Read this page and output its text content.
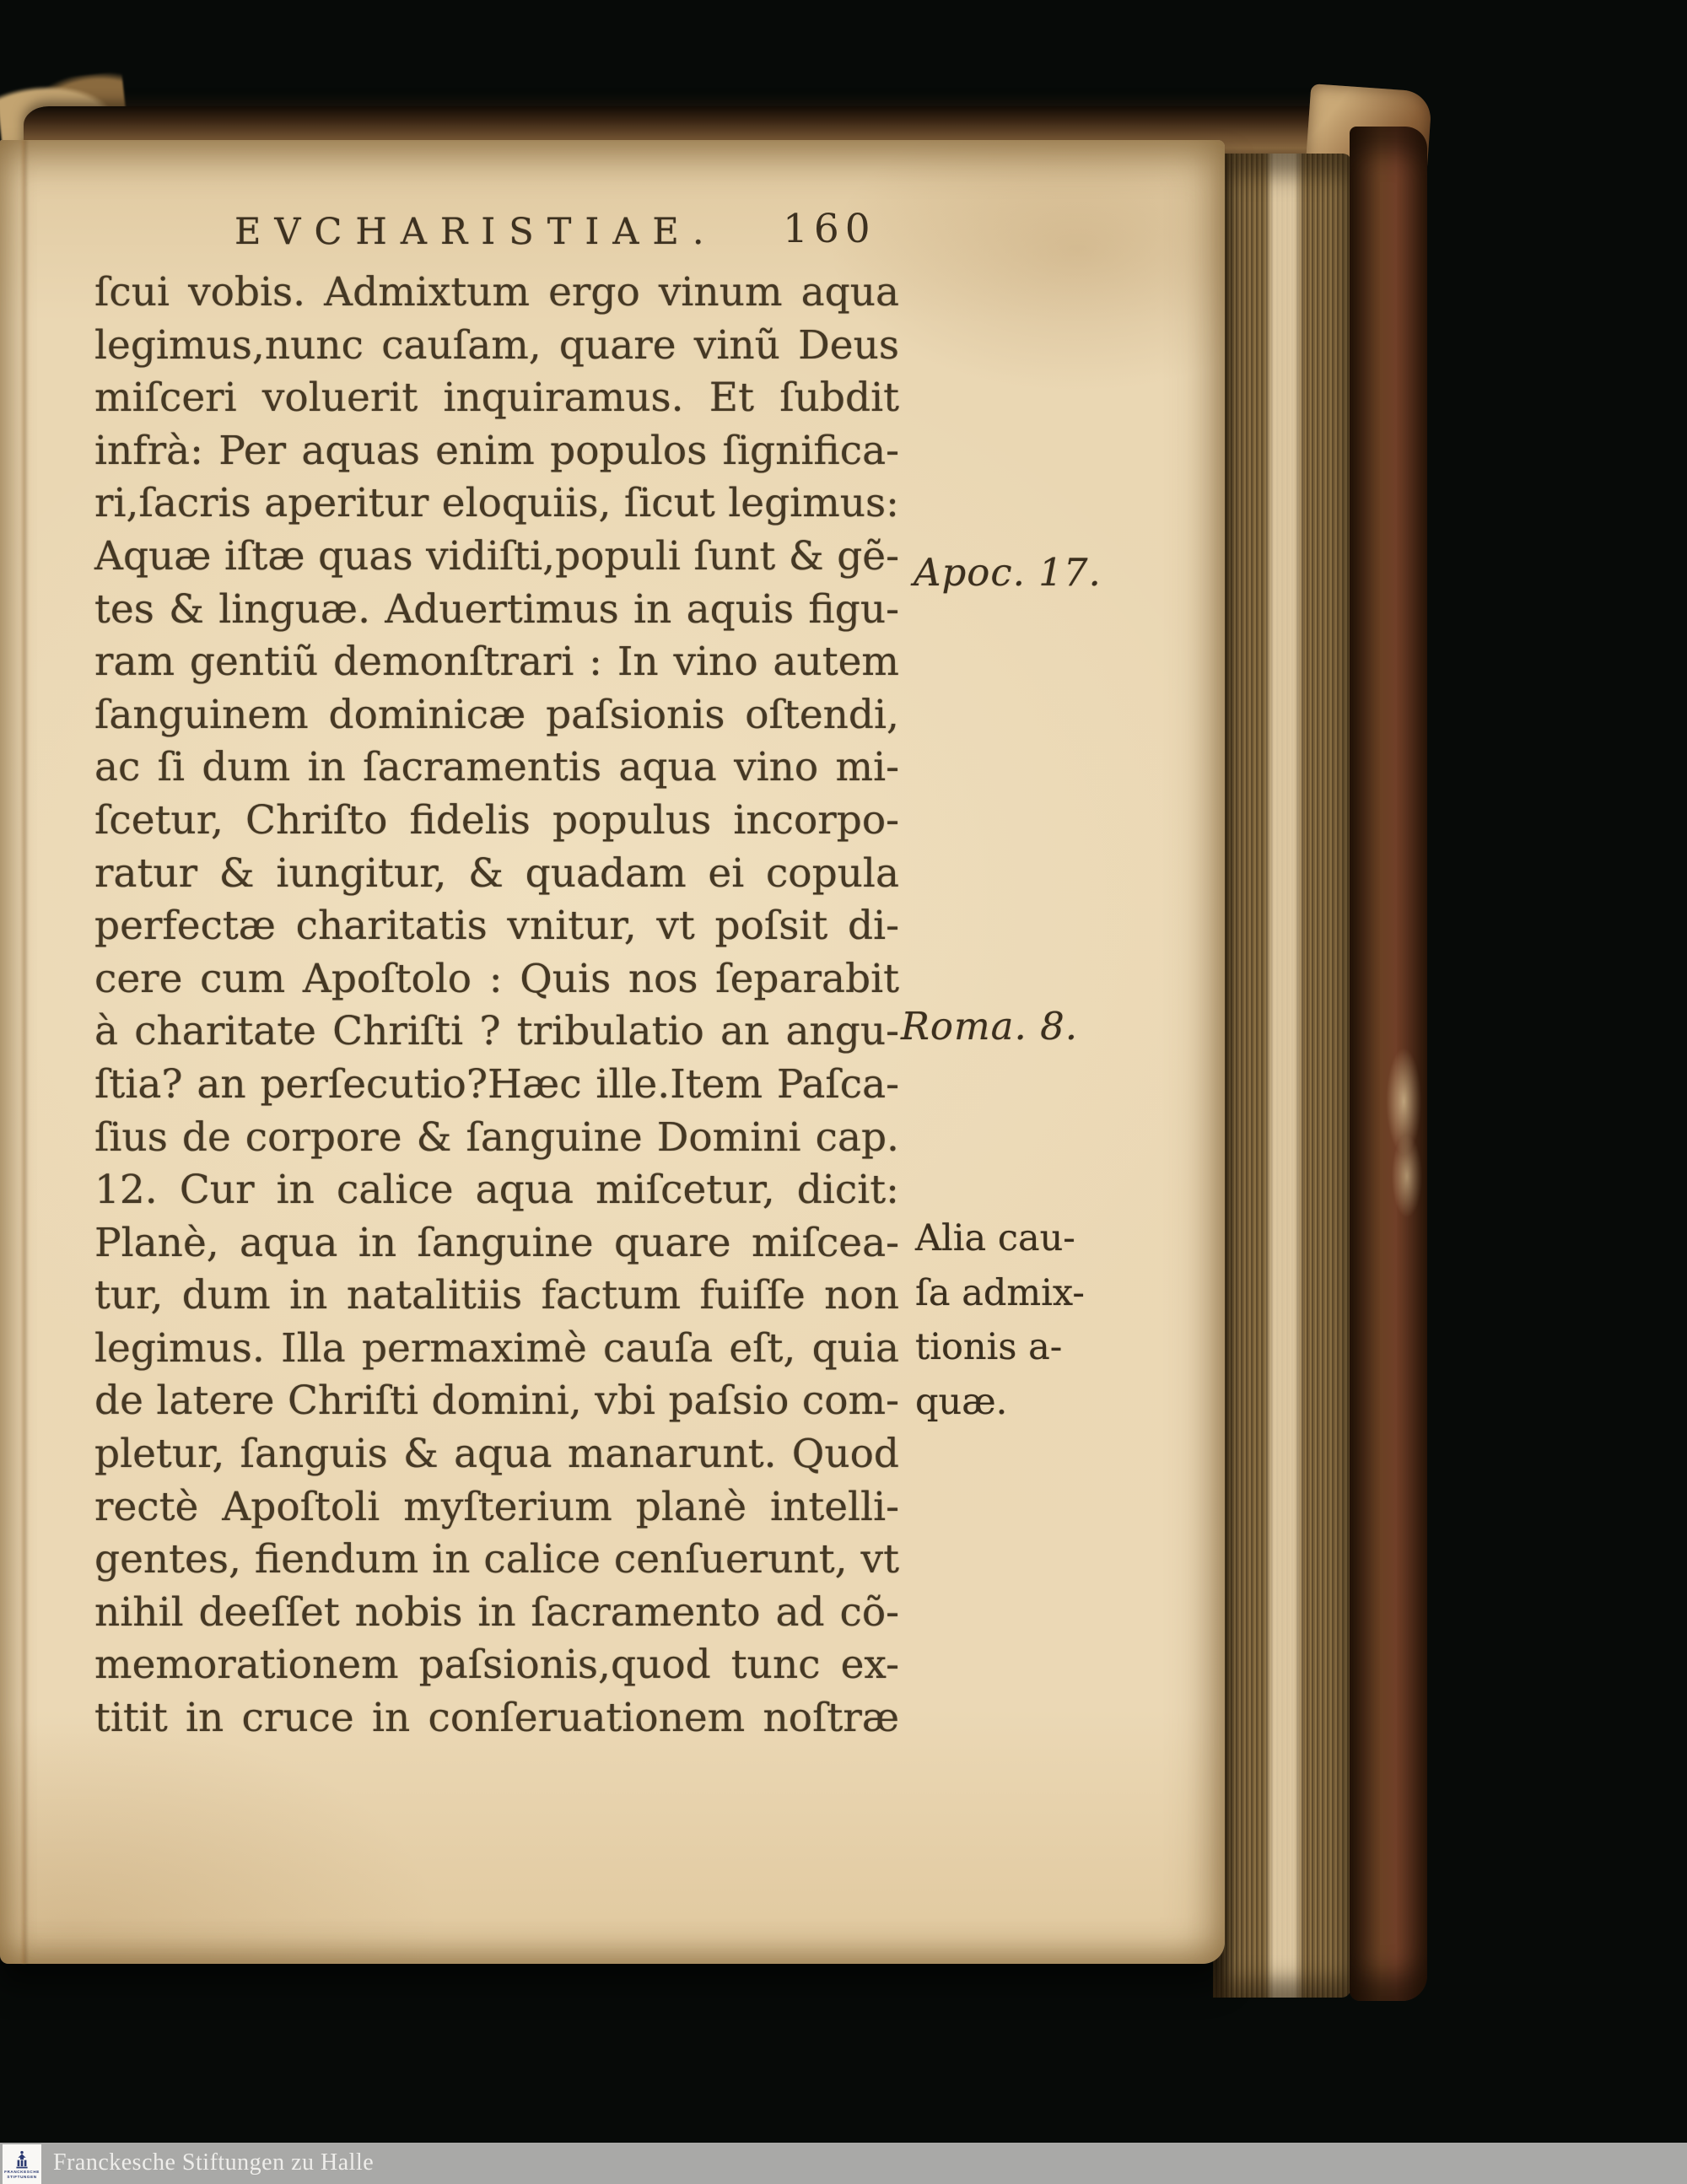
EVCHARISTIAE. 160
ſcui vobis. Admixtum ergo vinum aqua
legimus,nunc cauſam, quare vinũ Deus
miſceri voluerit inquiramus. Et ſubdit
infrà: Per aquas enim populos ſignifica-
ri,ſacris aperitur eloquiis, ſicut legimus:
Aquæ iſtæ quas vidiſti,populi ſunt & gẽ-
tes & linguæ. Aduertimus in aquis figu-
ram gentiũ demonſtrari : In vino autem
ſanguinem dominicæ paſsionis oſtendi,
ac ſi dum in ſacramentis aqua vino mi-
ſcetur, Chriſto fidelis populus incorpo-
ratur & iungitur, & quadam ei copula
perfectæ charitatis vnitur, vt poſsit di-
cere cum Apoſtolo : Quis nos ſeparabit
à charitate Chriſti ? tribulatio an angu-
ſtia? an perſecutio?Hæc ille.Item Paſca-
ſius de corpore & ſanguine Domini cap.
12. Cur in calice aqua miſcetur, dicit:
Planè, aqua in ſanguine quare miſcea-
tur, dum in natalitiis factum fuiſſe non
legimus. Illa permaximè cauſa eſt, quia
de latere Chriſti domini, vbi paſsio com-
pletur, ſanguis & aqua manarunt. Quod
rectè Apoſtoli myſterium planè intelli-
gentes, fiendum in calice cenſuerunt, vt
nihil deeſſet nobis in ſacramento ad cõ-
memorationem paſsionis,quod tunc ex-
titit in cruce in conſeruationem noſtræ
Apoc. 17.
Roma. 8.
Alia cau-
ſa admix-
tionis a-
quæ.
FRANCKESCHE
STIFTUNGEN
Franckesche Stiftungen zu Halle
